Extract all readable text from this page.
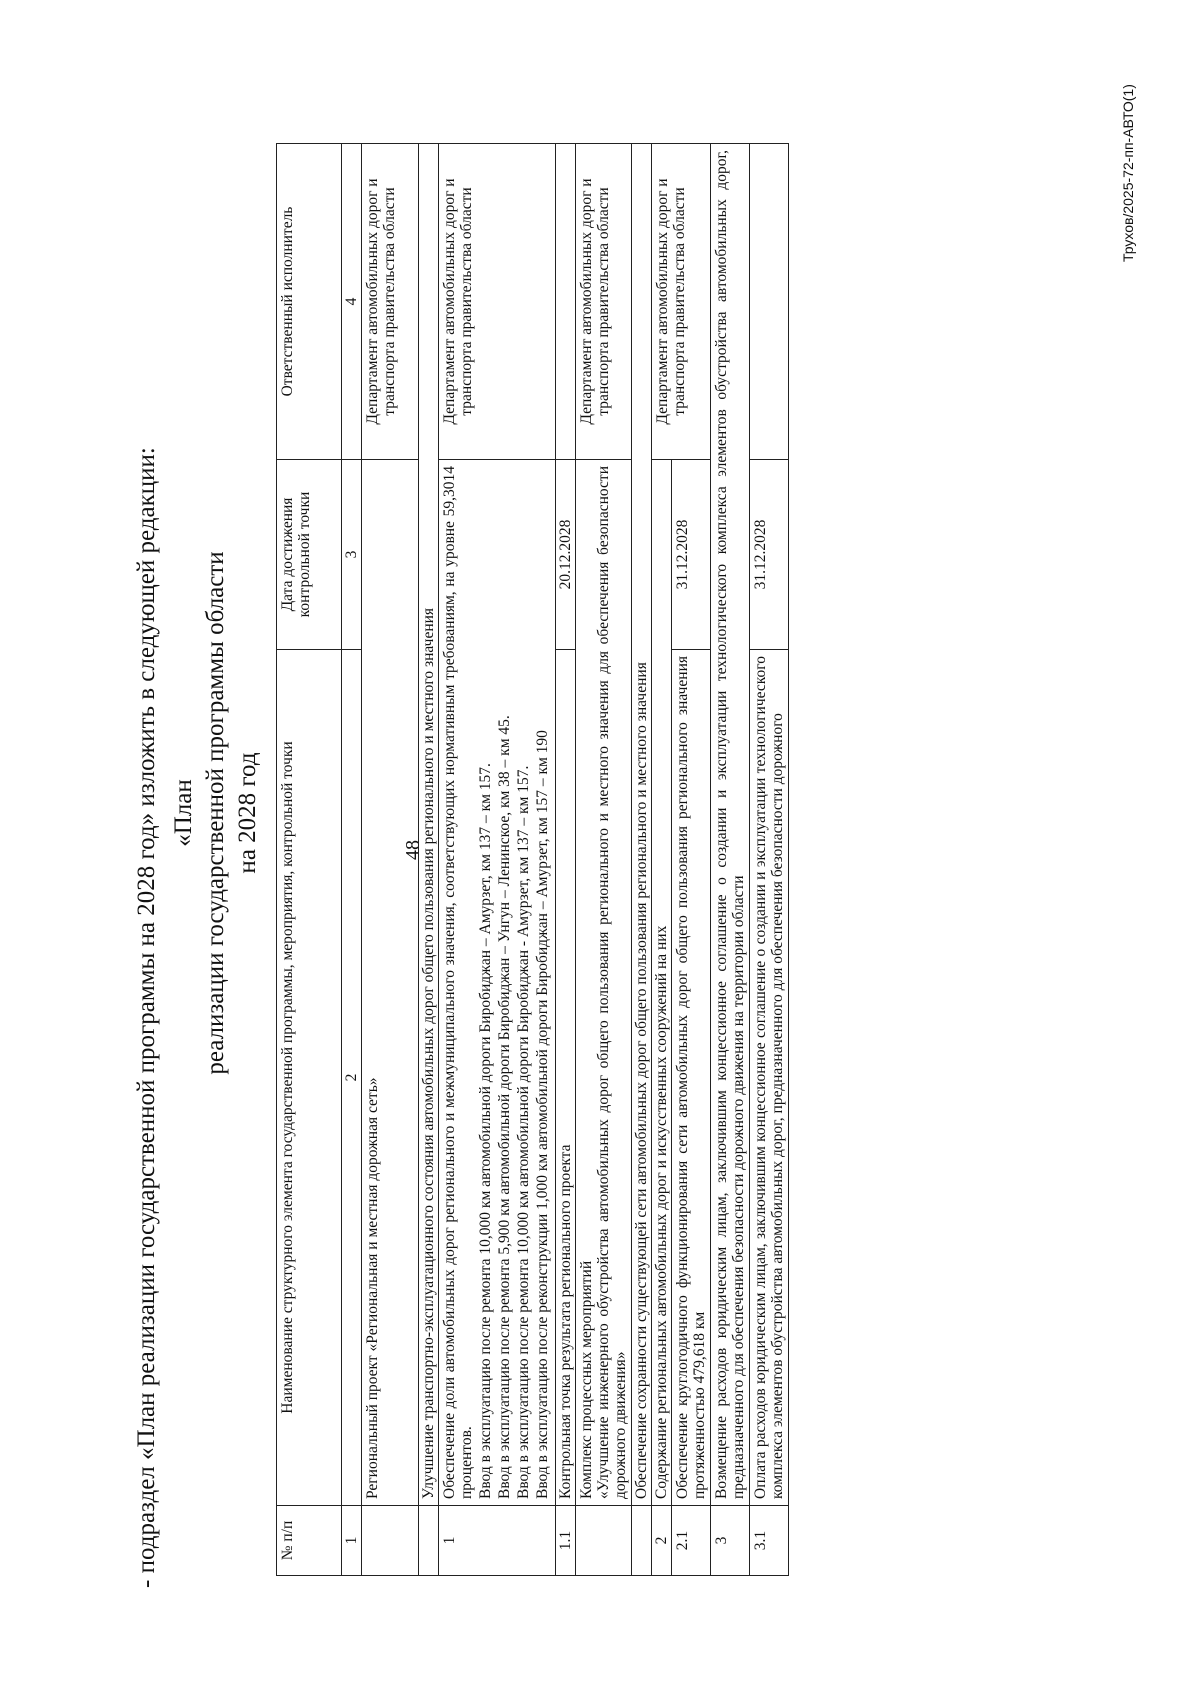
48
- подраздел «План реализации государственной программы на 2028 год» изложить в следующей редакции: «План реализации государственной программы области на 2028 год
№ п/п	Наименование структурного элемента государственной программы, мероприятия, контрольной точки	Дата достижения контрольной точки	Ответственный исполнитель
1	2	3	4
	Региональный проект «Региональная и местная дорожная сеть»		Департамент автомобильных дорог и транспорта правительства области
	Улучшение транспортно-эксплуатационного состояния автомобильных дорог общего пользования регионального и местного значения		
1	Обеспечение доли автомобильных дорог регионального и межмуниципального значения, соответствующих нормативным требованиям, на уровне 59,3014 процентов. Ввод в эксплуатацию после ремонта 10,000 км автомобильной дороги Биробиджан – Амурзет, км 137 – км 157. Ввод в эксплуатацию после ремонта 5,900 км автомобильной дороги Биробиджан – Унгун – Ленинское, км 38 – км 45. Ввод в эксплуатацию после ремонта 10,000 км автомобильной дороги Биробиджан - Амурзет, км 137 – км 157. Ввод в эксплуатацию после реконструкции 1,000 км автомобильной дороги Биробиджан – Амурзет, км 157 – км 190		Департамент автомобильных дорог и транспорта правительства области
1.1	Контрольная точка результата регионального проекта	20.12.2028	

	Комплекс процессных мероприятий «Улучшение инженерного обустройства автомобильных дорог общего пользования регионального и местного значения для обеспечения безопасности дорожного движения»		Департамент автомобильных дорог и транспорта правительства области
	Обеспечение сохранности существующей сети автомобильных дорог общего пользования регионального и местного значения		
2	Содержание региональных автомобильных дорог и искусственных сооружений на них		Департамент автомобильных дорог и транспорта правительства области
2.1	Обеспечение круглогодичного функционирования сети автомобильных дорог общего пользования регионального значения протяженностью 479,618 км	31.12.2028	
3	Возмещение расходов юридическим лицам, заключившим концессионное соглашение о создании и эксплуатации технологического комплекса элементов обустройства автомобильных дорог, предназначенного для обеспечения безопасности дорожного движения на территории области		
3.1	Оплата расходов юридическим лицам, заключившим концессионное соглашение о создании и эксплуатации технологического комплекса элементов обустройства автомобильных дорог, предназначенного для обеспечения безопасности дорожного	31.12.2028	
Трухов/2025-72-пп-АВТО(1)
